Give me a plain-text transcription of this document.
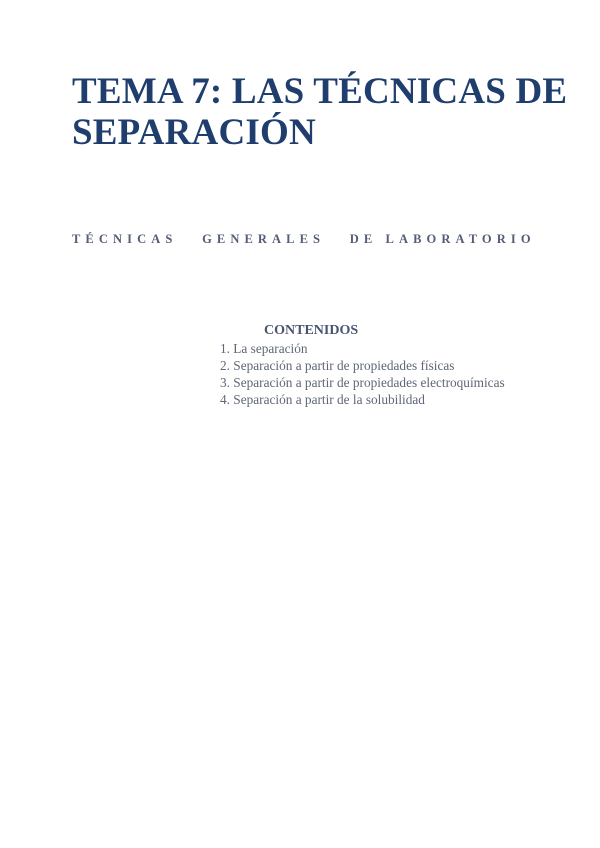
TEMA 7: LAS TÉCNICAS DE SEPARACIÓN

TÉCNICAS   GENERALES   DE LABORATORIO

CONTENIDOS

1. La separación
2. Separación a partir de propiedades físicas
3. Separación a partir de propiedades electroquímicas
4. Separación a partir de la solubilidad
